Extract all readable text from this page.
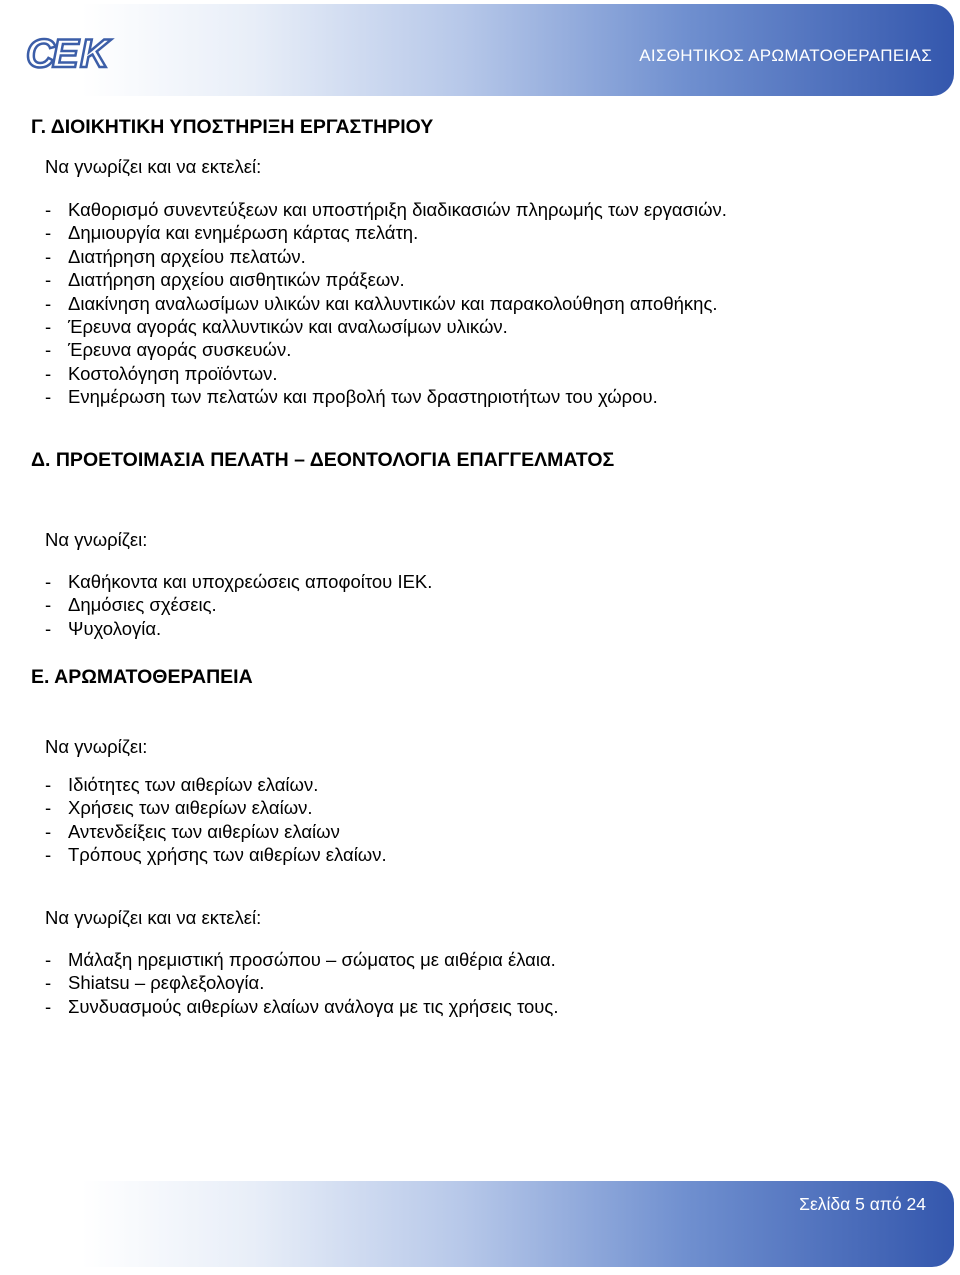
C
E K	ΑΙΣΘΗΤΙΚΟΣ ΑΡΩΜΑΤΟΘΕΡΑΠΕΙΑΣ
Γ. ΔΙΟΙΚΗΤΙΚΗ ΥΠΟΣΤΗΡΙΞΗ ΕΡΓΑΣΤΗΡΙΟΥ
Να γνωρίζει και να εκτελεί:
- Καθορισμό συνεντεύξεων και υποστήριξη διαδικασιών πληρωμής των εργασιών.
- Δημιουργία και ενημέρωση κάρτας πελάτη.
- Διατήρηση αρχείου πελατών.
- Διατήρηση αρχείου αισθητικών πράξεων.
- Διακίνηση αναλωσίμων υλικών και καλλυντικών και παρακολούθηση αποθήκης.
- Έρευνα αγοράς καλλυντικών και αναλωσίμων υλικών.
- Έρευνα αγοράς συσκευών.
- Κοστολόγηση προϊόντων.
- Ενημέρωση των πελατών και προβολή των δραστηριοτήτων του χώρου.
Δ. ΠΡΟΕΤΟΙΜΑΣΙΑ ΠΕΛΑΤΗ – ΔΕΟΝΤΟΛΟΓΙΑ ΕΠΑΓΓΕΛΜΑΤΟΣ
Να γνωρίζει:
- Καθήκοντα και υποχρεώσεις αποφοίτου ΙΕΚ.
- Δημόσιες σχέσεις.
- Ψυχολογία.
Ε. ΑΡΩΜΑΤΟΘΕΡΑΠΕΙΑ
Να γνωρίζει:
- Ιδιότητες των αιθερίων ελαίων.
- Χρήσεις των αιθερίων ελαίων.
- Αντενδείξεις των αιθερίων ελαίων
- Τρόπους χρήσης των αιθερίων ελαίων.
Να γνωρίζει και να εκτελεί:
- Μάλαξη ηρεμιστική προσώπου – σώματος με αιθέρια έλαια.
- Shiatsu – ρεφλεξολογία.
- Συνδυασμούς αιθερίων ελαίων ανάλογα με τις χρήσεις τους.
Σελίδα 5 από 24
